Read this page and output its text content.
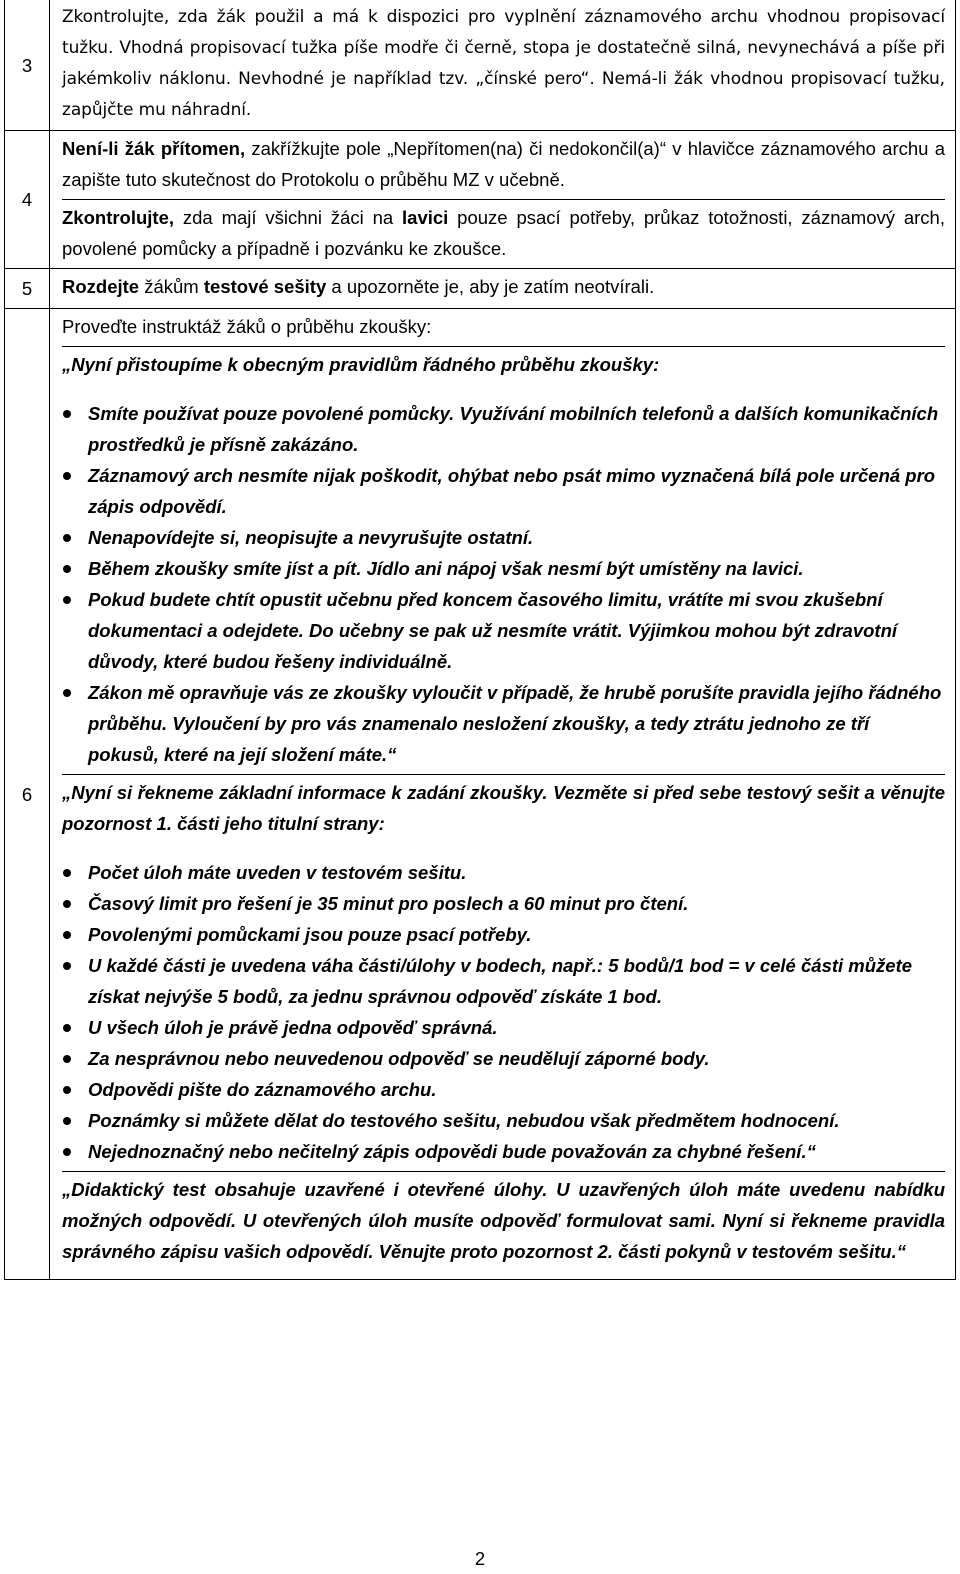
3

Zkontrolujte, zda žák použil a má k dispozici pro vyplnění záznamového archu vhodnou propisovací tužku. Vhodná propisovací tužka píše modře či černě, stopa je dostatečně silná, nevynechává a píše při jakémkoliv náklonu. Nevhodné je například tzv. „čínské pero“. Nemá-li žák vhodnou propisovací tužku, zapůjčte mu náhradní.

4

Není-li žák přítomen, zakřížkujte pole „Nepřítomen(na) či nedokončil(a)“ v hlavičce záznamového archu a zapište tuto skutečnost do Protokolu o průběhu MZ v učebně.

Zkontrolujte, zda mají všichni žáci na lavici pouze psací potřeby, průkaz totožnosti, záznamový arch, povolené pomůcky a případně i pozvánku ke zkoušce.

5	Rozdejte žákům testové sešity a upozorněte je, aby je zatím neotvírali.

6

Proveďte instruktáž žáků o průběhu zkoušky:

„Nyní přistoupíme k obecným pravidlům řádného průběhu zkoušky:

Smíte používat pouze povolené pomůcky. Využívání mobilních telefonů a dalších komunikačních prostředků je přísně zakázáno.
Záznamový arch nesmíte nijak poškodit, ohýbat nebo psát mimo vyznačená bílá pole určená pro zápis odpovědí.
Nenapovídejte si, neopisujte a nevyrušujte ostatní.
Během zkoušky smíte jíst a pít. Jídlo ani nápoj však nesmí být umístěny na lavici.
Pokud budete chtít opustit učebnu před koncem časového limitu, vrátíte mi svou zkušební dokumentaci a odejdete. Do učebny se pak už nesmíte vrátit. Výjimkou mohou být zdravotní důvody, které budou řešeny individuálně.
Zákon mě opravňuje vás ze zkoušky vyloučit v případě, že hrubě porušíte pravidla jejího řádného průběhu. Vyloučení by pro vás znamenalo nesložení zkoušky, a tedy ztrátu jednoho ze tří pokusů, které na její složení máte.“

„Nyní si řekneme základní informace k zadání zkoušky. Vezměte si před sebe testový sešit a věnujte pozornost 1. části jeho titulní strany:

Počet úloh máte uveden v testovém sešitu.
Časový limit pro řešení je 35 minut pro poslech a 60 minut pro čtení.
Povolenými pomůckami jsou pouze psací potřeby.
U každé části je uvedena váha části/úlohy v bodech, např.: 5 bodů/1 bod = v celé části můžete získat nejvýše 5 bodů, za jednu správnou odpověď získáte 1 bod.
U všech úloh je právě jedna odpověď správná.
Za nesprávnou nebo neuvedenou odpověď se neudělují záporné body.
Odpovědi pište do záznamového archu.
Poznámky si můžete dělat do testového sešitu, nebudou však předmětem hodnocení.
Nejednoznačný nebo nečitelný zápis odpovědi bude považován za chybné řešení.“

„Didaktický test obsahuje uzavřené i otevřené úlohy. U uzavřených úloh máte uvedenu nabídku možných odpovědí. U otevřených úloh musíte odpověď formulovat sami. Nyní si řekneme pravidla správného zápisu vašich odpovědí. Věnujte proto pozornost 2. části pokynů v testovém sešitu.“

2
